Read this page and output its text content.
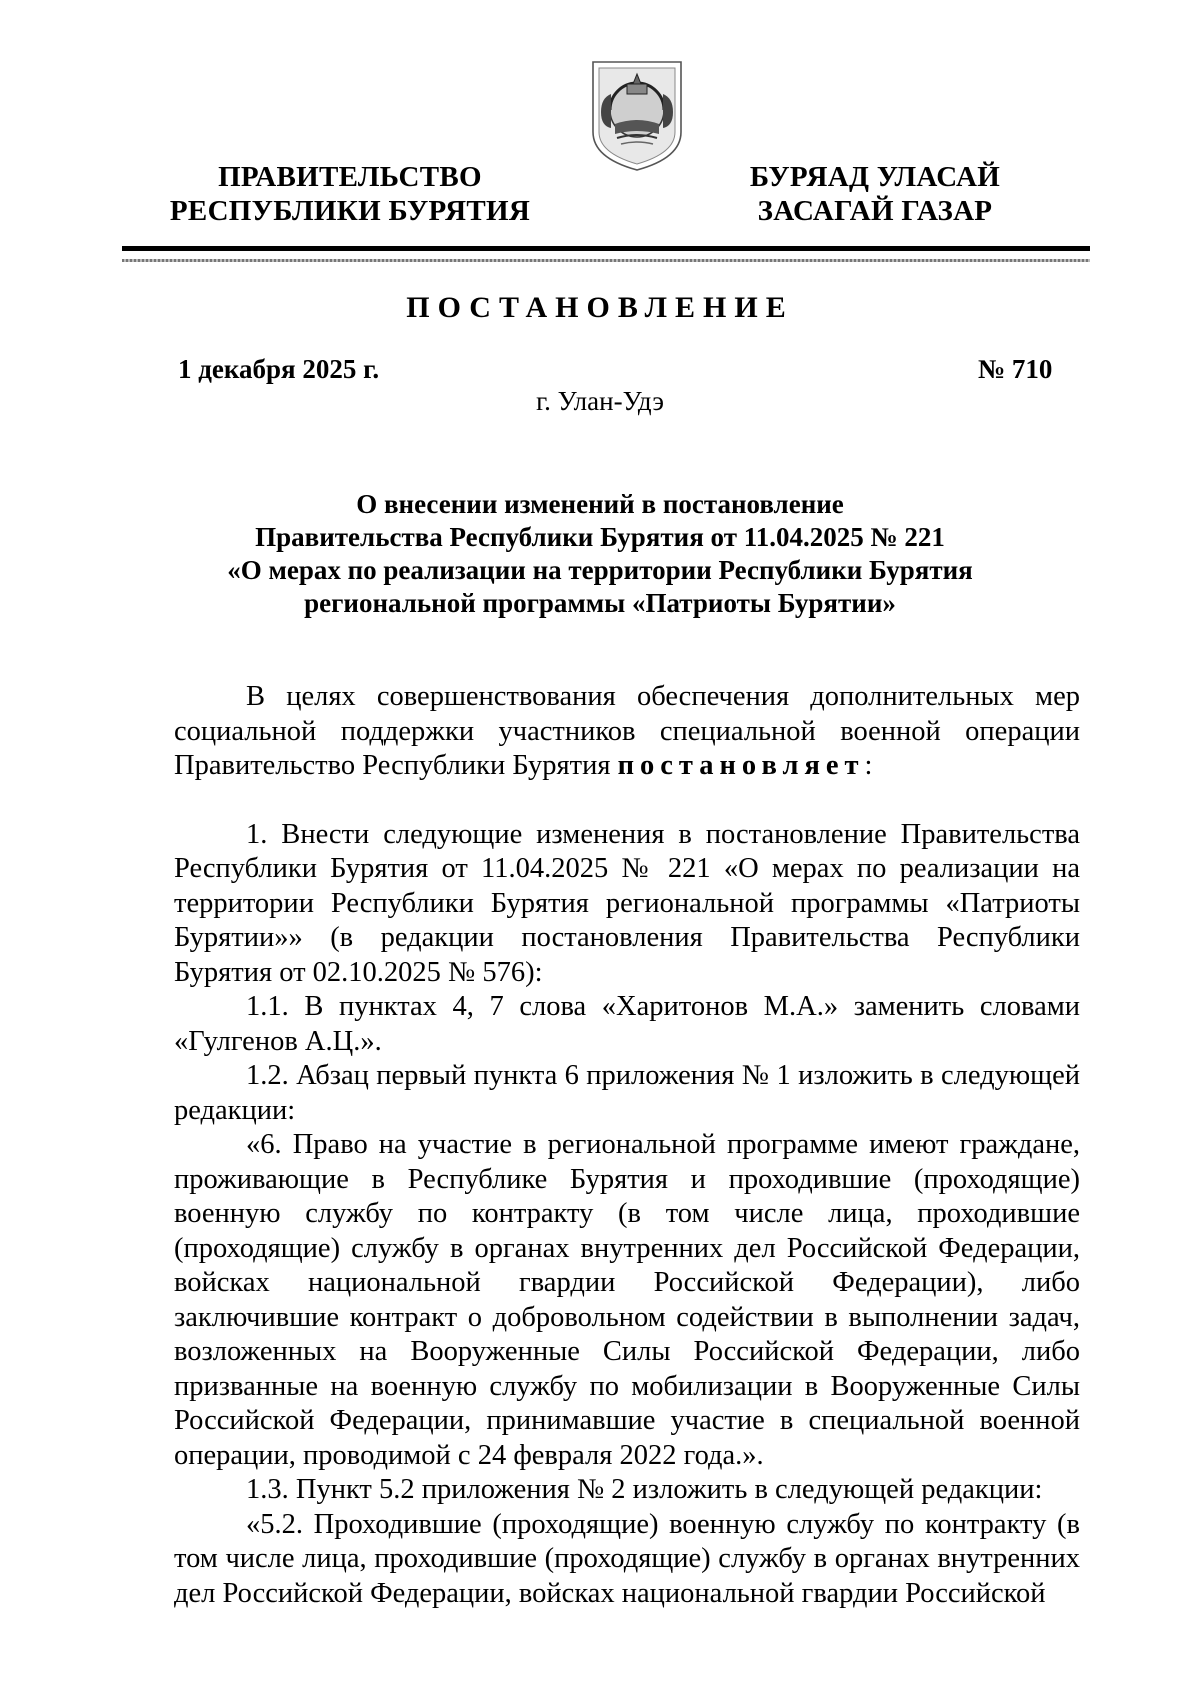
ПРАВИТЕЛЬСТВО
РЕСПУБЛИКИ БУРЯТИЯ
БУРЯАД УЛАСАЙ
ЗАСАГАЙ ГАЗАР
ПОСТАНОВЛЕНИЕ
1 декабря 2025 г.	№ 710
г. Улан-Удэ
О внесении изменений в постановление
Правительства Республики Бурятия от 11.04.2025 № 221
«О мерах по реализации на территории Республики Бурятия
региональной программы «Патриоты Бурятии»

В целях совершенствования обеспечения дополнительных мер социальной поддержки участников специальной военной операции Правительство Республики Бурятия постановляет:

1. Внести следующие изменения в постановление Правительства Республики Бурятия от 11.04.2025 № 221 «О мерах по реализации на территории Республики Бурятия региональной программы «Патриоты Бурятии»» (в редакции постановления Правительства Республики Бурятия от 02.10.2025 № 576):

1.1. В пунктах 4, 7 слова «Харитонов М.А.» заменить словами «Гулгенов А.Ц.».

1.2. Абзац первый пункта 6 приложения № 1 изложить в следующей редакции:

«6. Право на участие в региональной программе имеют граждане, проживающие в Республике Бурятия и проходившие (проходящие) военную службу по контракту (в том числе лица, проходившие (проходящие) службу в органах внутренних дел Российской Федерации, войсках национальной гвардии Российской Федерации), либо заключившие контракт о добровольном содействии в выполнении задач, возложенных на Вооруженные Силы Российской Федерации, либо призванные на военную службу по мобилизации в Вооруженные Силы Российской Федерации, принимавшие участие в специальной военной операции, проводимой с 24 февраля 2022 года.».

1.3. Пункт 5.2 приложения № 2 изложить в следующей редакции:

«5.2. Проходившие (проходящие) военную службу по контракту (в том числе лица, проходившие (проходящие) службу в органах внутренних дел Российской Федерации, войсках национальной гвардии Российской
